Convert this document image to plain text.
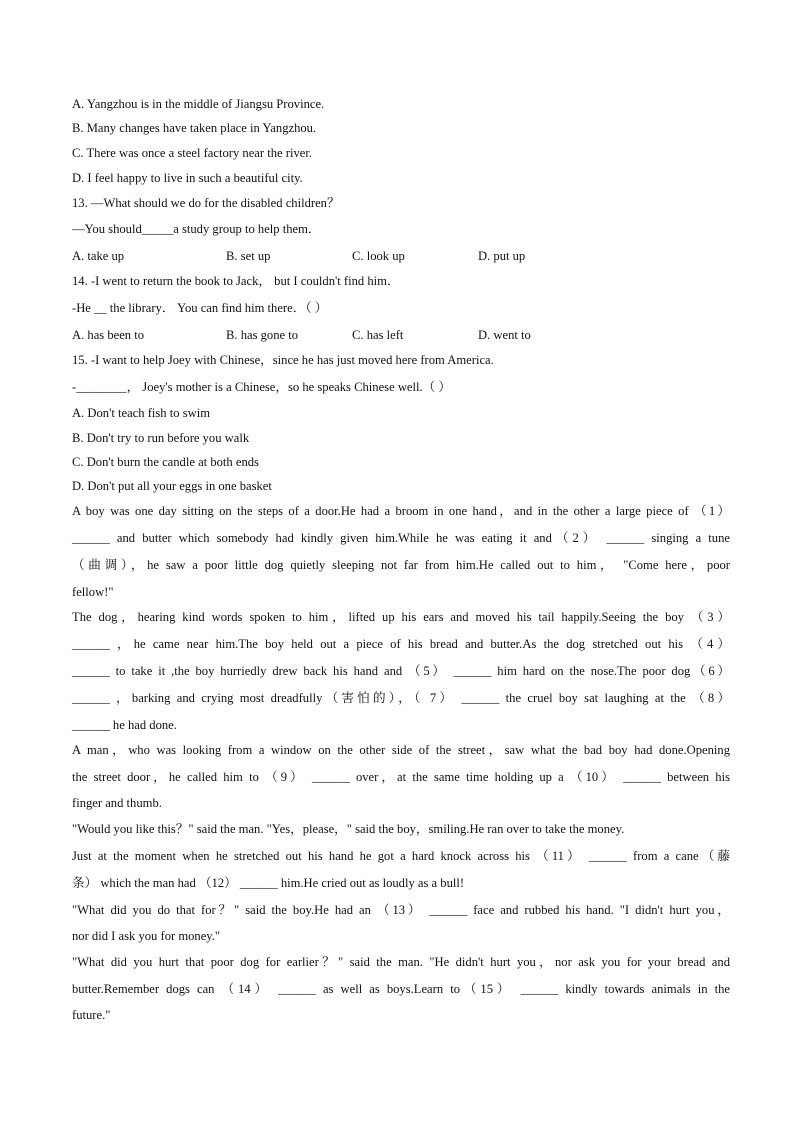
A. Yangzhou is in the middle of Jiangsu Province.
B. Many changes have taken place in Yangzhou.
C. There was once a steel factory near the river.
D. I feel happy to live in such a beautiful city.
13. —What should we do for the disabled children？
—You should_____a study group to help them．
A. take up	B. set up	C. look up	D. put up
14. -I went to return the book to Jack， but I couldn't find him．
-He __ the library． You can find him there．（ ）
A. has been to	B. has gone to	C. has left	D. went to
15. -I want to help Joey with Chinese，since he has just moved here from America.
-________， Joey's mother is a Chinese，so he speaks Chinese well.（ ）
A. Don't teach fish to swim
B. Don't try to run before you walk
C. Don't burn the candle at both ends
D. Don't put all your eggs in one basket
A boy was one day sitting on the steps of a door.He had a broom in one hand，and in the other a large piece of （1）
______ and butter which somebody had kindly given him.While he was eating it and（2） ______ singing a tune
（曲调），he saw a poor little dog quietly sleeping not far from him.He called out to him， "Come here，poor
fellow!"
The dog，hearing kind words spoken to him，lifted up his ears and moved his tail happily.Seeing the boy （3）
______ ，he came near him.The boy held out a piece of his bread and butter.As the dog stretched out his （4）
______ to take it ,the boy hurriedly drew back his hand and （5） ______ him hard on the nose.The poor dog（6）
______ ，barking and crying most dreadfully（害怕的），（ 7） ______ the cruel boy sat laughing at the （8）
______ he had done.
A man，who was looking from a window on the other side of the street，saw what the bad boy had done.Opening
the street door，he called him to （9） ______ over，at the same time holding up a （10） ______ between his
finger and thumb.
"Would you like this？" said the man. "Yes，please，" said the boy，smiling.He ran over to take the money.
Just at the moment when he stretched out his hand he got a hard knock across his （11） ______ from a cane（藤
条） which the man had （12） ______ him.He cried out as loudly as a bull!
"What did you do that for？" said the boy.He had an （13） ______ face and rubbed his hand. "I didn't hurt you，
nor did I ask you for money."
"What did you hurt that poor dog for earlier？" said the man. "He didn't hurt you，nor ask you for your bread and
butter.Remember dogs can （14） ______ as well as boys.Learn to（15） ______ kindly towards animals in the
future."
